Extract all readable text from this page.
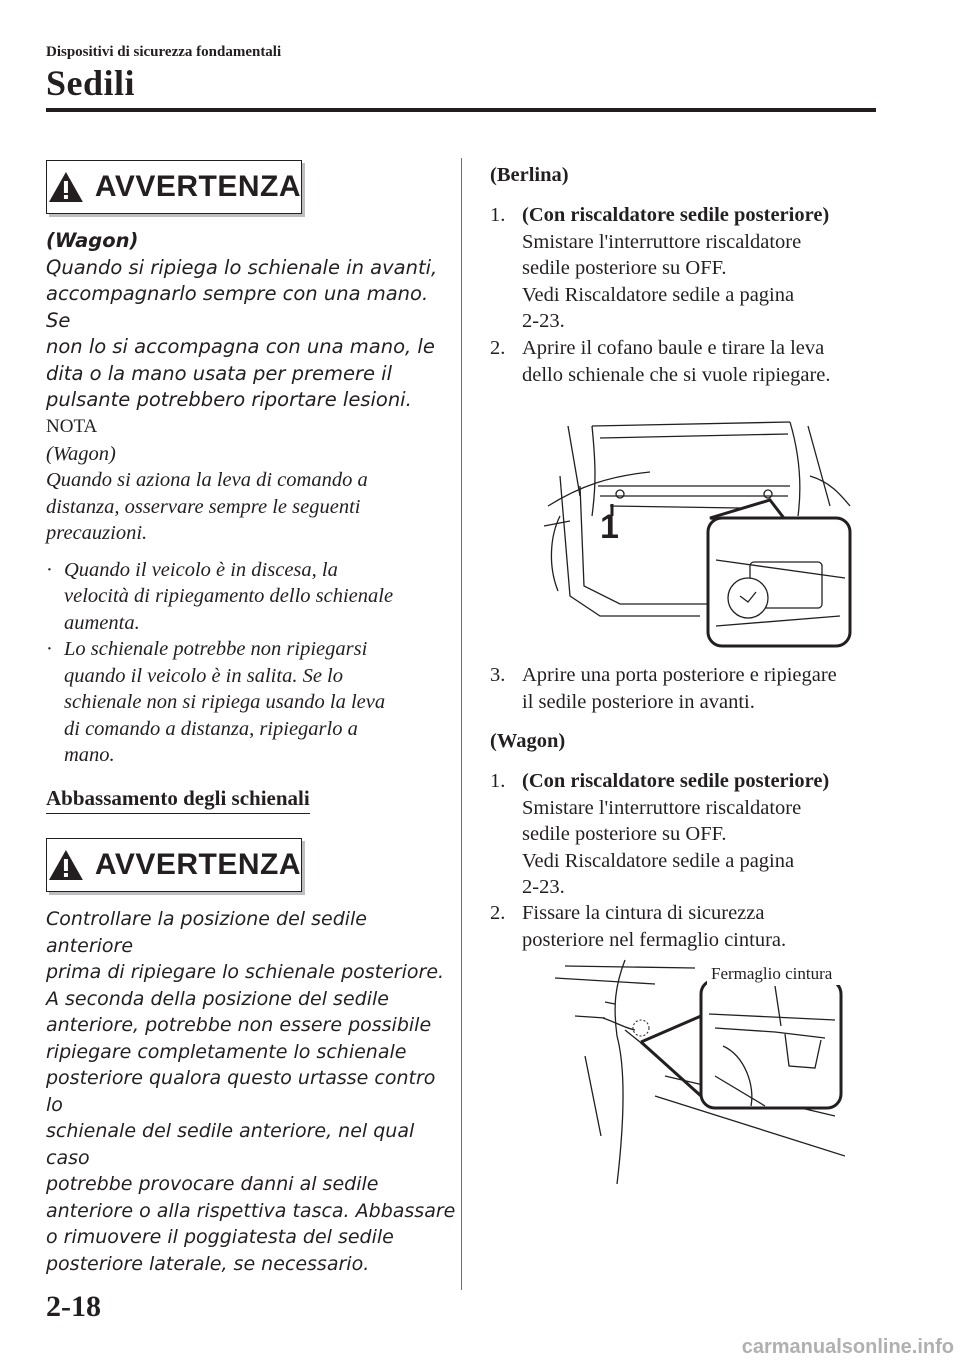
Dispositivi di sicurezza fondamentali
Sedili
AVVERTENZA
(Wagon)
Quando si ripiega lo schienale in avanti,
accompagnarlo sempre con una mano. Se
non lo si accompagna con una mano, le
dita o la mano usata per premere il
pulsante potrebbero riportare lesioni.
NOTA
(Wagon)
Quando si aziona la leva di comando a
distanza, osservare sempre le seguenti
precauzioni.
· Quando il veicolo è in discesa, la
velocità di ripiegamento dello schienale
aumenta.
· Lo schienale potrebbe non ripiegarsi
quando il veicolo è in salita. Se lo
schienale non si ripiega usando la leva
di comando a distanza, ripiegarlo a
mano.
Abbassamento degli schienali
AVVERTENZA
Controllare la posizione del sedile anteriore
prima di ripiegare lo schienale posteriore.
A seconda della posizione del sedile
anteriore, potrebbe non essere possibile
ripiegare completamente lo schienale
posteriore qualora questo urtasse contro lo
schienale del sedile anteriore, nel qual caso
potrebbe provocare danni al sedile
anteriore o alla rispettiva tasca. Abbassare
o rimuovere il poggiatesta del sedile
posteriore laterale, se necessario.
(Berlina)
1. (Con riscaldatore sedile posteriore)
Smistare l'interruttore riscaldatore
sedile posteriore su OFF.
Vedi Riscaldatore sedile a pagina
2-23.
2. Aprire il cofano baule e tirare la leva
dello schienale che si vuole ripiegare.
1
3. Aprire una porta posteriore e ripiegare
il sedile posteriore in avanti.
(Wagon)
1. (Con riscaldatore sedile posteriore)
Smistare l'interruttore riscaldatore
sedile posteriore su OFF.
Vedi Riscaldatore sedile a pagina
2-23.
2. Fissare la cintura di sicurezza
posteriore nel fermaglio cintura.
Fermaglio cintura
2-18
carmanualsonline.info
